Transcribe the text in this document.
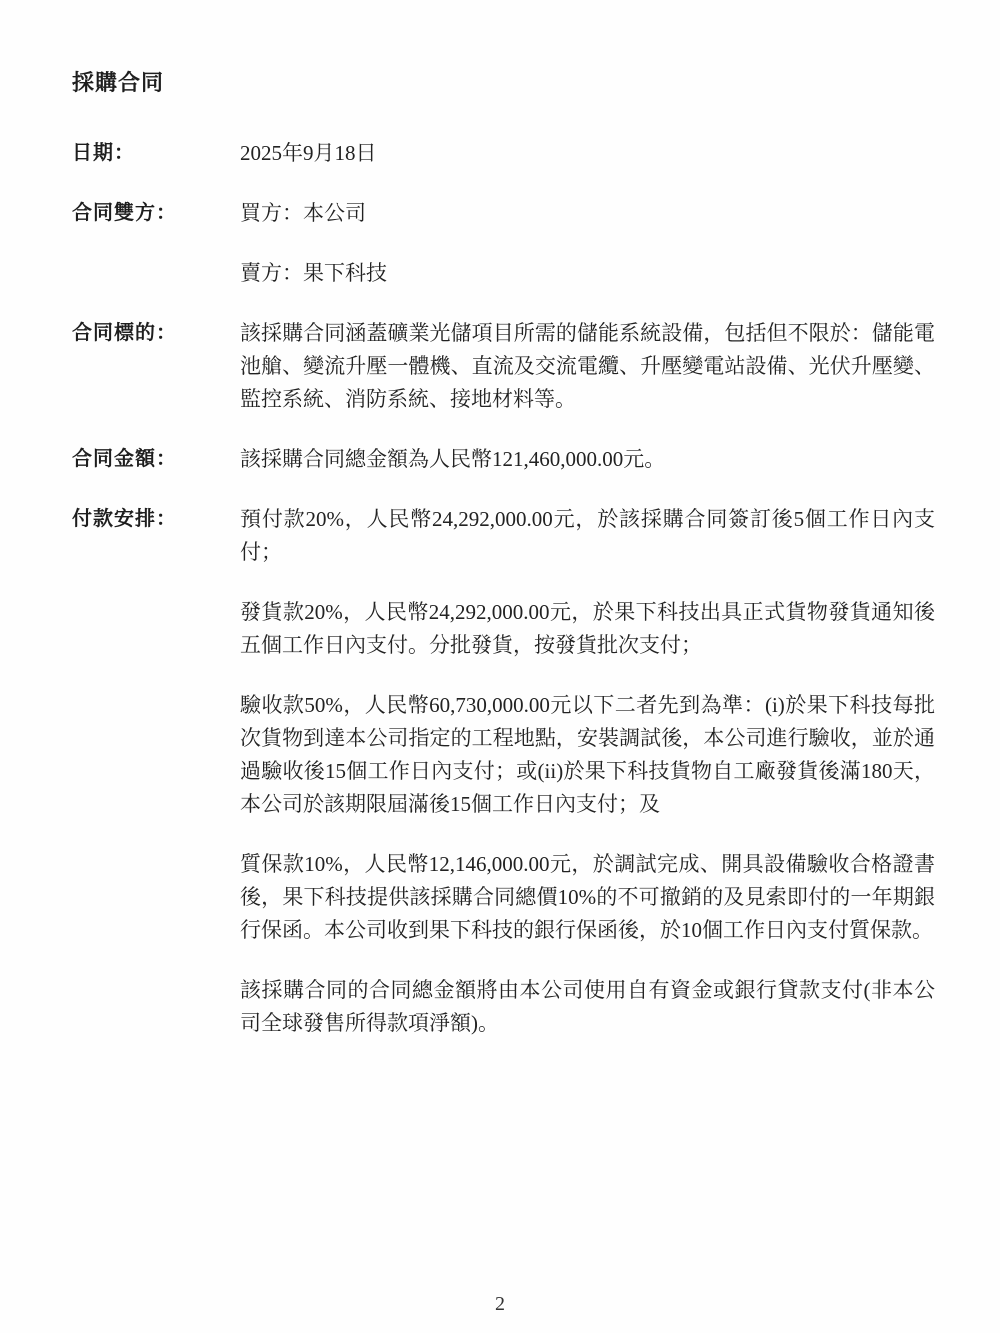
採購合同
日期：	2025年9月18日

合同雙方：	買方：本公司

賣方：果下科技

合同標的：	該採購合同涵蓋礦業光儲項目所需的儲能系統設備，包括但不限於：儲能電池艙、變流升壓一體機、直流及交流電纜、升壓變電站設備、光伏升壓變、監控系統、消防系統、接地材料等。

合同金額：	該採購合同總金額為人民幣121,460,000.00元。

付款安排：	預付款20%，人民幣24,292,000.00元，於該採購合同簽訂後5個工作日內支付；

發貨款20%，人民幣24,292,000.00元，於果下科技出具正式貨物發貨通知後五個工作日內支付。分批發貨，按發貨批次支付；

驗收款50%，人民幣60,730,000.00元以下二者先到為準：(i)於果下科技每批次貨物到達本公司指定的工程地點，安裝調試後，本公司進行驗收，並於通過驗收後15個工作日內支付；或(ii)於果下科技貨物自工廠發貨後滿180天，本公司於該期限屆滿後15個工作日內支付；及

質保款10%，人民幣12,146,000.00元，於調試完成、開具設備驗收合格證書後，果下科技提供該採購合同總價10%的不可撤銷的及見索即付的一年期銀行保函。本公司收到果下科技的銀行保函後，於10個工作日內支付質保款。

該採購合同的合同總金額將由本公司使用自有資金或銀行貸款支付(非本公司全球發售所得款項淨額)。

2
